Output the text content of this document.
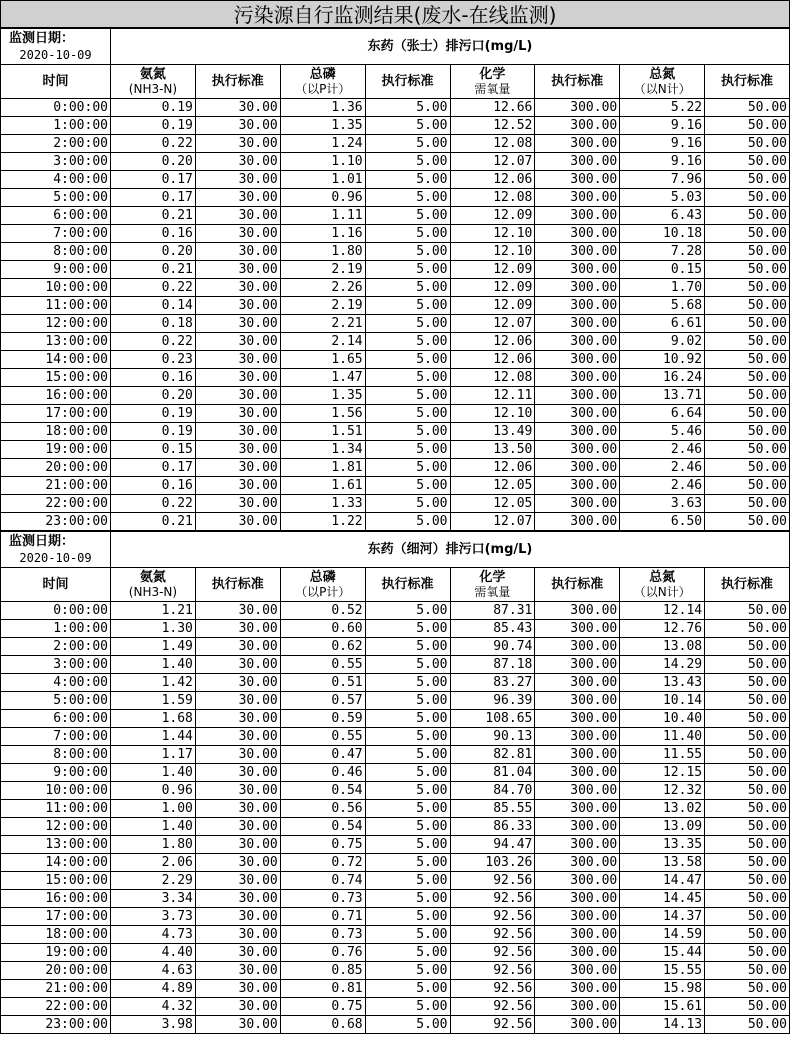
污染源自行监测结果(废水-在线监测)
监测日期：
2020-10-09	东药（张士）排污口(mg/L)							

时间	氨氮
(NH3-N)	执行标准	总磷
（以P计）	执行标准	化学
需氧量	执行标准	总氮
（以N计）	执行标准

0:00:00	0.19	30.00	1.36	5.00	12.66	300.00	5.22	50.00
1:00:00	0.19	30.00	1.35	5.00	12.52	300.00	9.16	50.00
2:00:00	0.22	30.00	1.24	5.00	12.08	300.00	9.16	50.00
3:00:00	0.20	30.00	1.10	5.00	12.07	300.00	9.16	50.00
4:00:00	0.17	30.00	1.01	5.00	12.06	300.00	7.96	50.00
5:00:00	0.17	30.00	0.96	5.00	12.08	300.00	5.03	50.00
6:00:00	0.21	30.00	1.11	5.00	12.09	300.00	6.43	50.00
7:00:00	0.16	30.00	1.16	5.00	12.10	300.00	10.18	50.00
8:00:00	0.20	30.00	1.80	5.00	12.10	300.00	7.28	50.00
9:00:00	0.21	30.00	2.19	5.00	12.09	300.00	0.15	50.00
10:00:00	0.22	30.00	2.26	5.00	12.09	300.00	1.70	50.00
11:00:00	0.14	30.00	2.19	5.00	12.09	300.00	5.68	50.00
12:00:00	0.18	30.00	2.21	5.00	12.07	300.00	6.61	50.00
13:00:00	0.22	30.00	2.14	5.00	12.06	300.00	9.02	50.00
14:00:00	0.23	30.00	1.65	5.00	12.06	300.00	10.92	50.00
15:00:00	0.16	30.00	1.47	5.00	12.08	300.00	16.24	50.00
16:00:00	0.20	30.00	1.35	5.00	12.11	300.00	13.71	50.00
17:00:00	0.19	30.00	1.56	5.00	12.10	300.00	6.64	50.00
18:00:00	0.19	30.00	1.51	5.00	13.49	300.00	5.46	50.00
19:00:00	0.15	30.00	1.34	5.00	13.50	300.00	2.46	50.00
20:00:00	0.17	30.00	1.81	5.00	12.06	300.00	2.46	50.00
21:00:00	0.16	30.00	1.61	5.00	12.05	300.00	2.46	50.00
22:00:00	0.22	30.00	1.33	5.00	12.05	300.00	3.63	50.00
23:00:00	0.21	30.00	1.22	5.00	12.07	300.00	6.50	50.00
监测日期：
2020-10-09	东药（细河）排污口(mg/L)							

时间	氨氮
(NH3-N)	执行标准	总磷
（以P计）	执行标准	化学
需氧量	执行标准	总氮
（以N计）	执行标准

0:00:00	1.21	30.00	0.52	5.00	87.31	300.00	12.14	50.00
1:00:00	1.30	30.00	0.60	5.00	85.43	300.00	12.76	50.00
2:00:00	1.49	30.00	0.62	5.00	90.74	300.00	13.08	50.00
3:00:00	1.40	30.00	0.55	5.00	87.18	300.00	14.29	50.00
4:00:00	1.42	30.00	0.51	5.00	83.27	300.00	13.43	50.00
5:00:00	1.59	30.00	0.57	5.00	96.39	300.00	10.14	50.00
6:00:00	1.68	30.00	0.59	5.00	108.65	300.00	10.40	50.00
7:00:00	1.44	30.00	0.55	5.00	90.13	300.00	11.40	50.00
8:00:00	1.17	30.00	0.47	5.00	82.81	300.00	11.55	50.00
9:00:00	1.40	30.00	0.46	5.00	81.04	300.00	12.15	50.00
10:00:00	0.96	30.00	0.54	5.00	84.70	300.00	12.32	50.00
11:00:00	1.00	30.00	0.56	5.00	85.55	300.00	13.02	50.00
12:00:00	1.40	30.00	0.54	5.00	86.33	300.00	13.09	50.00
13:00:00	1.80	30.00	0.75	5.00	94.47	300.00	13.35	50.00
14:00:00	2.06	30.00	0.72	5.00	103.26	300.00	13.58	50.00
15:00:00	2.29	30.00	0.74	5.00	92.56	300.00	14.47	50.00
16:00:00	3.34	30.00	0.73	5.00	92.56	300.00	14.45	50.00
17:00:00	3.73	30.00	0.71	5.00	92.56	300.00	14.37	50.00
18:00:00	4.73	30.00	0.73	5.00	92.56	300.00	14.59	50.00
19:00:00	4.40	30.00	0.76	5.00	92.56	300.00	15.44	50.00
20:00:00	4.63	30.00	0.85	5.00	92.56	300.00	15.55	50.00
21:00:00	4.89	30.00	0.81	5.00	92.56	300.00	15.98	50.00
22:00:00	4.32	30.00	0.75	5.00	92.56	300.00	15.61	50.00
23:00:00	3.98	30.00	0.68	5.00	92.56	300.00	14.13	50.00
